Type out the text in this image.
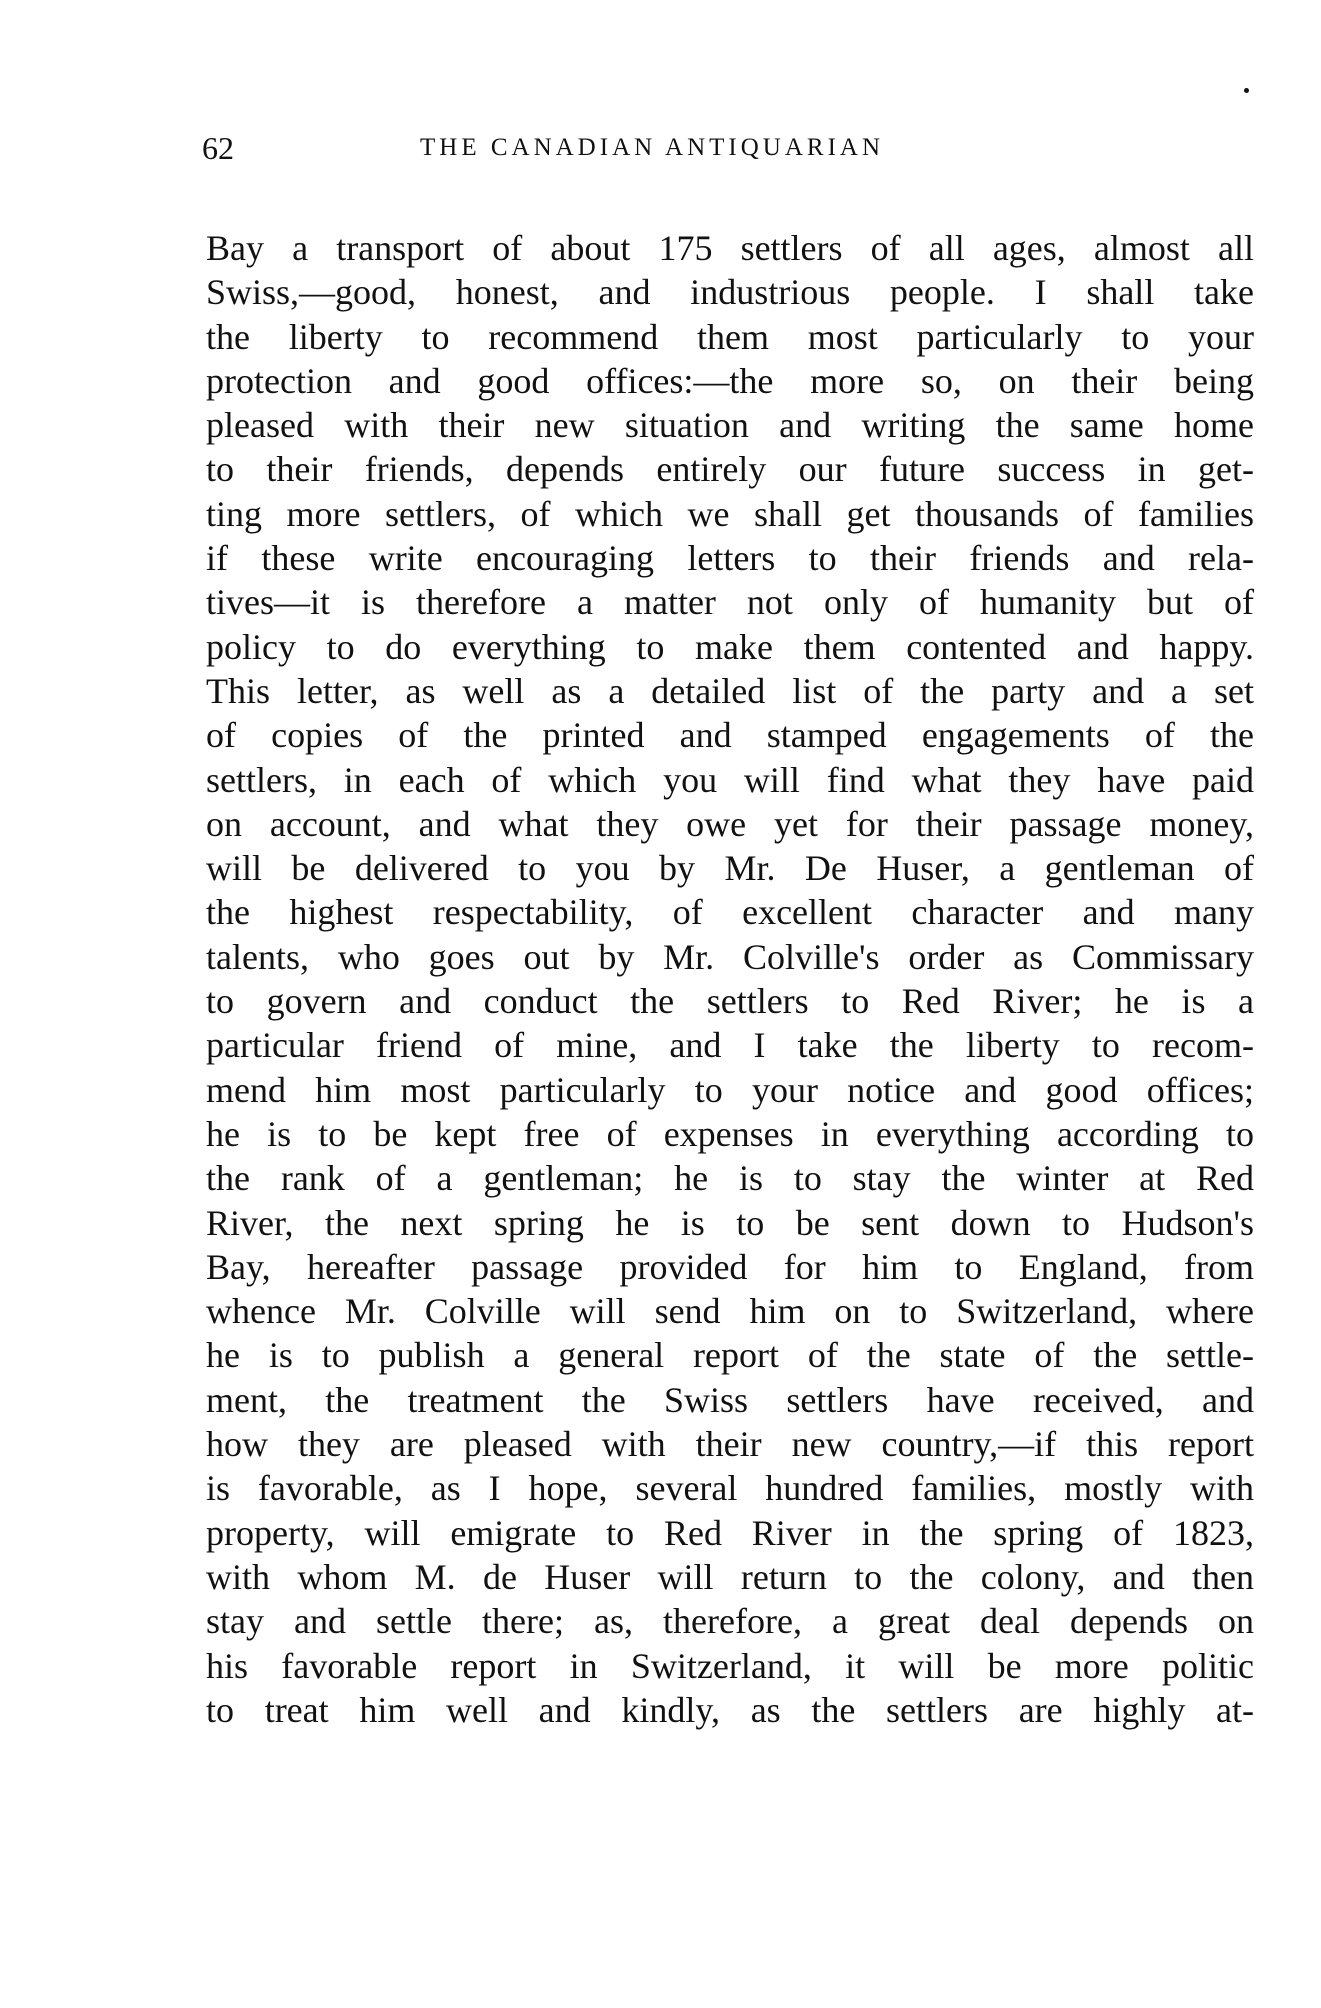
62	THE CANADIAN ANTIQUARIAN
Bay a transport of about 175 settlers of all ages, almost all
Swiss,—good, honest, and industrious people. I shall take
the liberty to recommend them most particularly to your
protection and good offices:—the more so, on their being
pleased with their new situation and writing the same home
to their friends, depends entirely our future success in get-
ting more settlers, of which we shall get thousands of families
if these write encouraging letters to their friends and rela-
tives—it is therefore a matter not only of humanity but of
policy to do everything to make them contented and happy.
This letter, as well as a detailed list of the party and a set
of copies of the printed and stamped engagements of the
settlers, in each of which you will find what they have paid
on account, and what they owe yet for their passage money,
will be delivered to you by Mr. De Huser, a gentleman of
the highest respectability, of excellent character and many
talents, who goes out by Mr. Colville's order as Commissary
to govern and conduct the settlers to Red River; he is a
particular friend of mine, and I take the liberty to recom-
mend him most particularly to your notice and good offices;
he is to be kept free of expenses in everything according to
the rank of a gentleman; he is to stay the winter at Red
River, the next spring he is to be sent down to Hudson's
Bay, hereafter passage provided for him to England, from
whence Mr. Colville will send him on to Switzerland, where
he is to publish a general report of the state of the settle-
ment, the treatment the Swiss settlers have received, and
how they are pleased with their new country,—if this report
is favorable, as I hope, several hundred families, mostly with
property, will emigrate to Red River in the spring of 1823,
with whom M. de Huser will return to the colony, and then
stay and settle there; as, therefore, a great deal depends on
his favorable report in Switzerland, it will be more politic
to treat him well and kindly, as the settlers are highly at-
